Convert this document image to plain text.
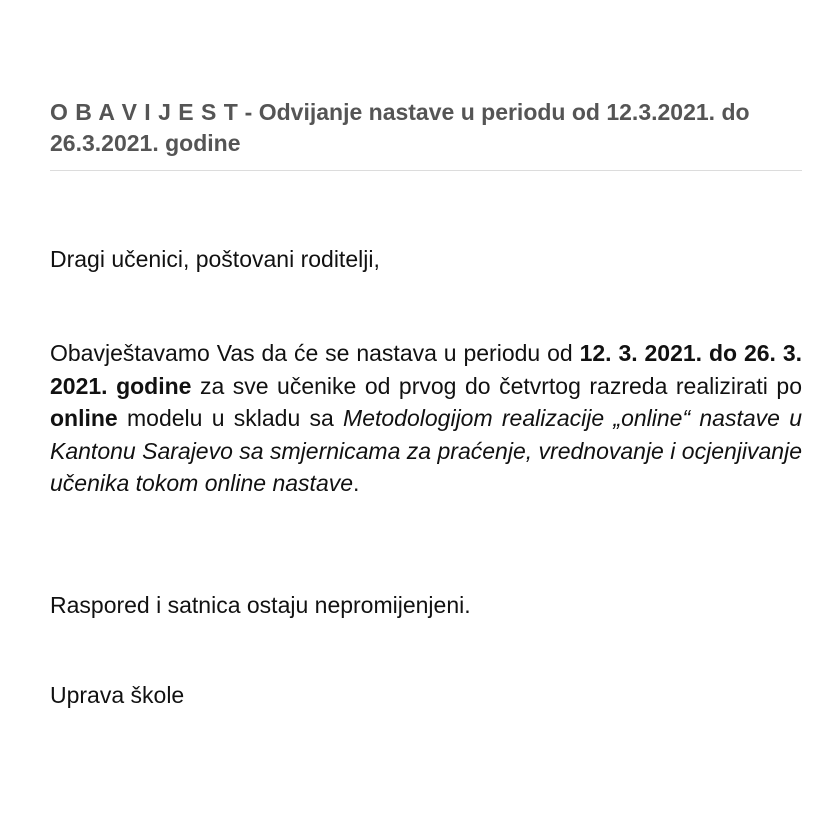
O B A V I J E S T - Odvijanje nastave u periodu od 12.3.2021. do 26.3.2021. godine

Dragi učenici, poštovani roditelji,

Obavještavamo Vas da će se nastava u periodu od 12. 3. 2021. do 26. 3. 2021. godine za sve učenike od prvog do četvrtog razreda realizirati po online modelu u skladu sa Metodologijom realizacije „online“ nastave u Kantonu Sarajevo sa smjernicama za praćenje, vrednovanje i ocjenjivanje učenika tokom online nastave.

Raspored i satnica ostaju nepromijenjeni.

Uprava škole
